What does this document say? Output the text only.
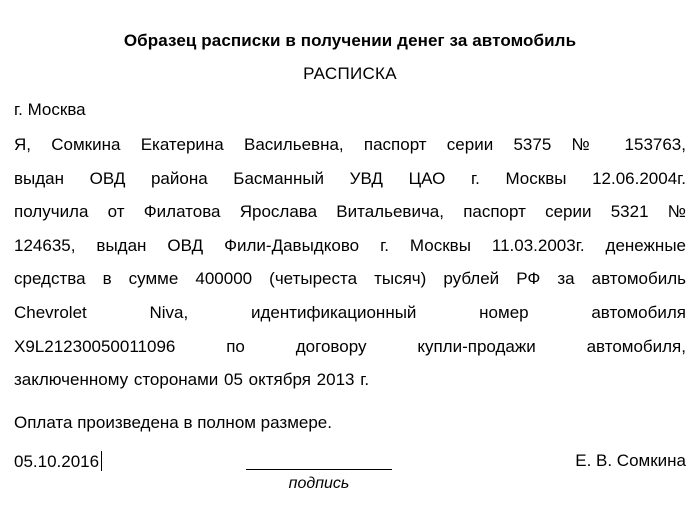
Образец расписки в получении денег за автомобиль
РАСПИСКА
г. Москва
Я, Сомкина Екатерина Васильевна, паспорт серии 5375 № 153763,
выдан ОВД района Басманный УВД ЦАО г. Москвы 12.06.2004г.
получила от Филатова Ярослава Витальевича, паспорт серии 5321 №
124635, выдан ОВД Фили-Давыдково г. Москвы 11.03.2003г. денежные
средства в сумме 400000 (четыреста тысяч) рублей РФ за автомобиль
Chevrolet Niva, идентификационный номер автомобиля
X9L21230050011096 по договору купли-продажи автомобиля,
заключенному сторонами 05 октября 2013 г.
Оплата произведена в полном размере.
05.10.2016
подпись
Е. В. Сомкина
